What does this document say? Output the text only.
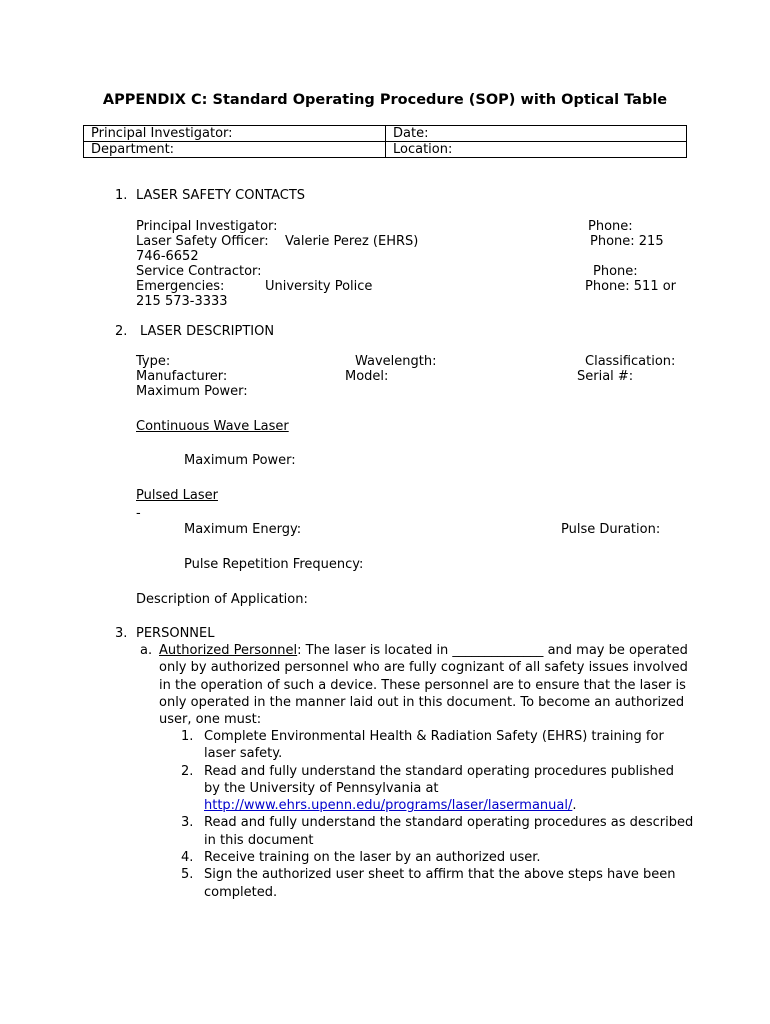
APPENDIX C: Standard Operating Procedure (SOP) with Optical Table
Principal Investigator:	Date:
Department:	Location:
1. LASER SAFETY CONTACTS
Principal Investigator:	Phone:
Laser Safety Officer: Valerie Perez (EHRS)	Phone: 215
746-6652
Service Contractor:	Phone:
Emergencies:	University Police	Phone: 511 or
215 573-3333
2. LASER DESCRIPTION
Type:	Wavelength:	Classification:
Manufacturer:	Model:	Serial #:
Maximum Power:
Continuous Wave Laser
Maximum Power:
Pulsed Laser
-
Maximum Energy:	Pulse Duration:
Pulse Repetition Frequency:
Description of Application:
3. PERSONNEL
a. Authorized Personnel: The laser is located in ______________ and may be operated
only by authorized personnel who are fully cognizant of all safety issues involved
in the operation of such a device. These personnel are to ensure that the laser is
only operated in the manner laid out in this document. To become an authorized
user, one must:
1. Complete Environmental Health & Radiation Safety (EHRS) training for
laser safety.
2. Read and fully understand the standard operating procedures published
by the University of Pennsylvania at
http://www.ehrs.upenn.edu/programs/laser/lasermanual/.
3. Read and fully understand the standard operating procedures as described
in this document
4. Receive training on the laser by an authorized user.
5. Sign the authorized user sheet to affirm that the above steps have been
completed.
